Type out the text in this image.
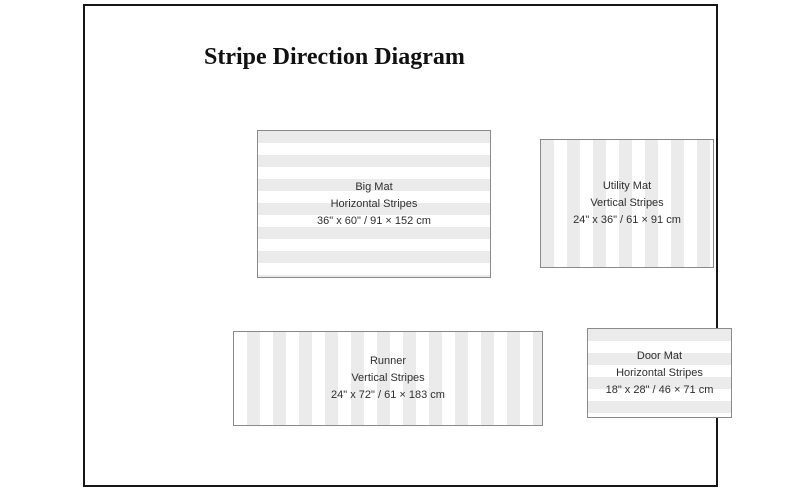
Stripe Direction Diagram
Big Mat
Horizontal Stripes
36" x 60" / 91 × 152 cm
Utility Mat
Vertical Stripes
24" x 36" / 61 × 91 cm
Runner
Vertical Stripes
24" x 72" / 61 × 183 cm
Door Mat
Horizontal Stripes
18" x 28" / 46 × 71 cm
